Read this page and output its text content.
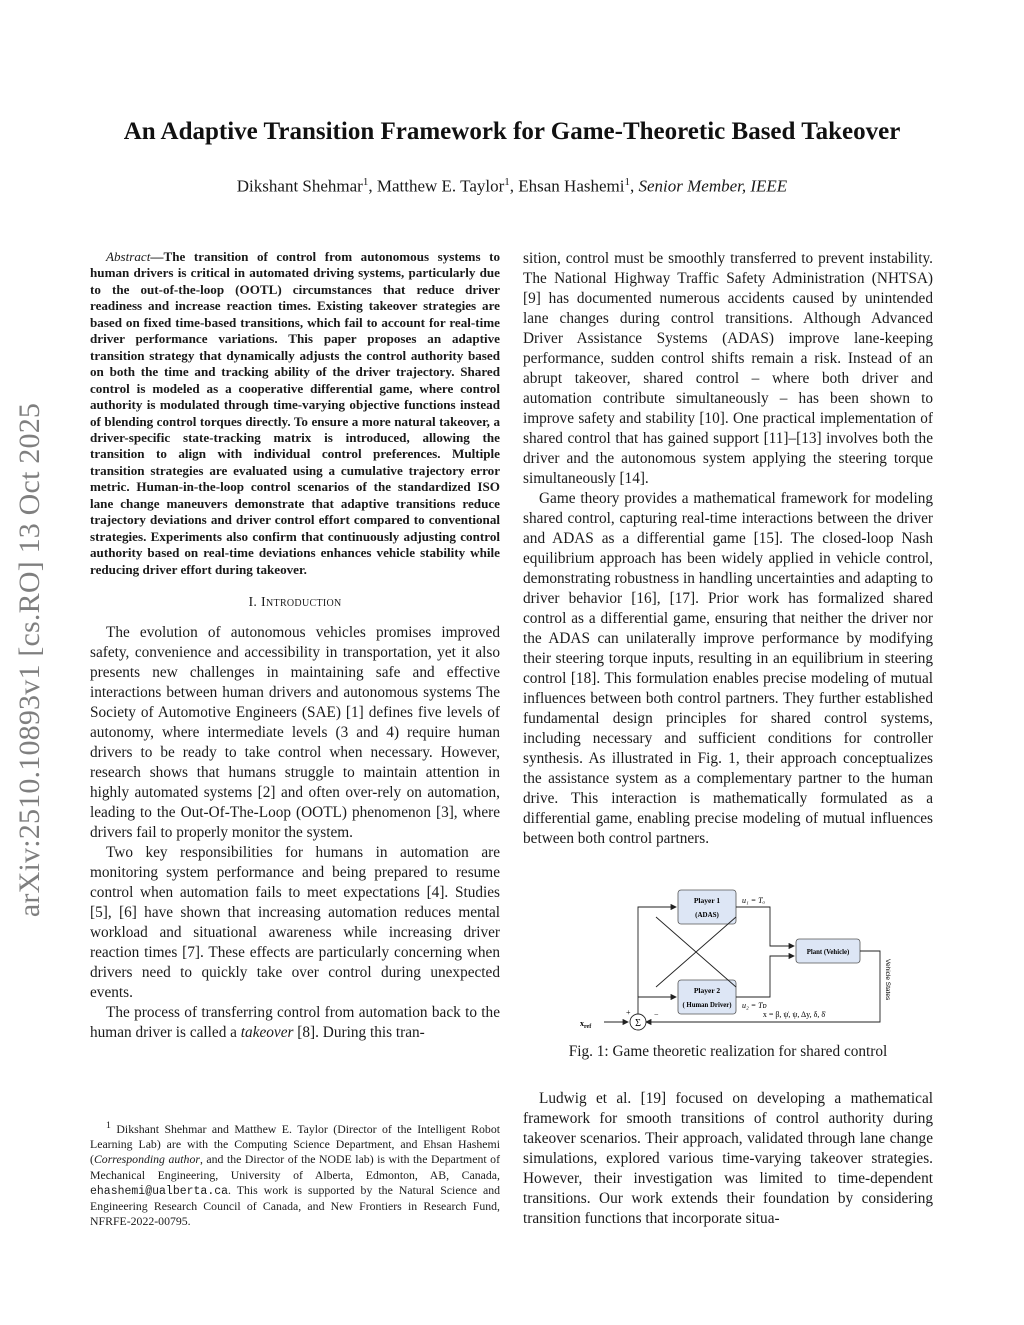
arXiv:2510.10893v1 [cs.RO] 13 Oct 2025
An Adaptive Transition Framework for Game-Theoretic Based Takeover
Dikshant Shehmar$^1$, Matthew E. Taylor$^1$, Ehsan Hashemi$^1$, Senior Member, IEEE

Abstract—The transition of control from autonomous systems to human drivers is critical in automated driving systems, particularly due to the out-of-the-loop (OOTL) circumstances that reduce driver readiness and increase reaction times. Existing takeover strategies are based on fixed time-based transitions, which fail to account for real-time driver performance variations. This paper proposes an adaptive transition strategy that dynamically adjusts the control authority based on both the time and tracking ability of the driver trajectory. Shared control is modeled as a cooperative differential game, where control authority is modulated through time-varying objective functions instead of blending control torques directly. To ensure a more natural takeover, a driver-specific state-tracking matrix is introduced, allowing the transition to align with individual control preferences. Multiple transition strategies are evaluated using a cumulative trajectory error metric. Human-in-the-loop control scenarios of the standardized ISO lane change maneuvers demonstrate that adaptive transitions reduce trajectory deviations and driver control effort compared to conventional strategies. Experiments also confirm that continuously adjusting control authority based on real-time deviations enhances vehicle stability while reducing driver effort during takeover.

I. Introduction

The evolution of autonomous vehicles promises improved safety, convenience and accessibility in transportation, yet it also presents new challenges in maintaining safe and effective interactions between human drivers and autonomous systems The Society of Automotive Engineers (SAE) [1] defines five levels of autonomy, where intermediate levels (3 and 4) require human drivers to be ready to take control when necessary. However, research shows that humans struggle to maintain attention in highly automated systems [2] and often over-rely on automation, leading to the Out-Of-The-Loop (OOTL) phenomenon [3], where drivers fail to properly monitor the system.

Two key responsibilities for humans in automation are monitoring system performance and being prepared to resume control when automation fails to meet expectations [4]. Studies [5], [6] have shown that increasing automation reduces mental workload and situational awareness while increasing driver reaction times [7]. These effects are particularly concerning when drivers need to quickly take over control during unexpected events.

The process of transferring control from automation back to the human driver is called a takeover [8]. During this tran-

$^1$ Dikshant Shehmar and Matthew E. Taylor (Director of the Intelligent Robot Learning Lab) are with the Computing Science Department, and Ehsan Hashemi (Corresponding author, and the Director of the NODE lab) is with the Department of Mechanical Engineering, University of Alberta, Edmonton, AB, Canada, ehashemi@ualberta.ca. This work is supported by the Natural Science and Engineering Research Council of Canada, and New Frontiers in Research Fund, NFRFE-2022-00795.

sition, control must be smoothly transferred to prevent instability. The National Highway Traffic Safety Administration (NHTSA) [9] has documented numerous accidents caused by unintended lane changes during control transitions. Although Advanced Driver Assistance Systems (ADAS) improve lane-keeping performance, sudden control shifts remain a risk. Instead of an abrupt takeover, shared control – where both driver and automation contribute simultaneously – has been shown to improve safety and stability [10]. One practical implementation of shared control that has gained support [11]–[13] involves both the driver and the autonomous system applying the steering torque simultaneously [14].

Game theory provides a mathematical framework for modeling shared control, capturing real-time interactions between the driver and ADAS as a differential game [15]. The closed-loop Nash equilibrium approach has been widely applied in vehicle control, demonstrating robustness in handling uncertainties and adapting to driver behavior [16], [17]. Prior work has formalized shared control as a differential game, ensuring that neither the driver nor the ADAS can unilaterally improve performance by modifying their steering torque inputs, resulting in an equilibrium in steering control [18]. This formulation enables precise modeling of mutual influences between both control partners. They further established fundamental design principles for shared control systems, including necessary and sufficient conditions for controller synthesis. As illustrated in Fig. 1, their approach conceptualizes the assistance system as a complementary partner to the human drive. This interaction is mathematically formulated as a differential game, enabling precise modeling of mutual influences between both control partners.

Player 1
(ADAS)
Player 2
( Human Driver)
Plant (Vehicle)
u₁ = Tₐ
u₂ = Tᴅ
Vehicle States
x = β, ψ̇, ψ, Δy, δ, δ̇
Σ
+	−
$x_{ref}$
Fig. 1: Game theoretic realization for shared control

Ludwig et al. [19] focused on developing a mathematical framework for smooth transitions of control authority during takeover scenarios. Their approach, validated through lane change simulations, explored various time-varying takeover strategies. However, their investigation was limited to time-dependent transitions. Our work extends their foundation by considering transition functions that incorporate situa-
